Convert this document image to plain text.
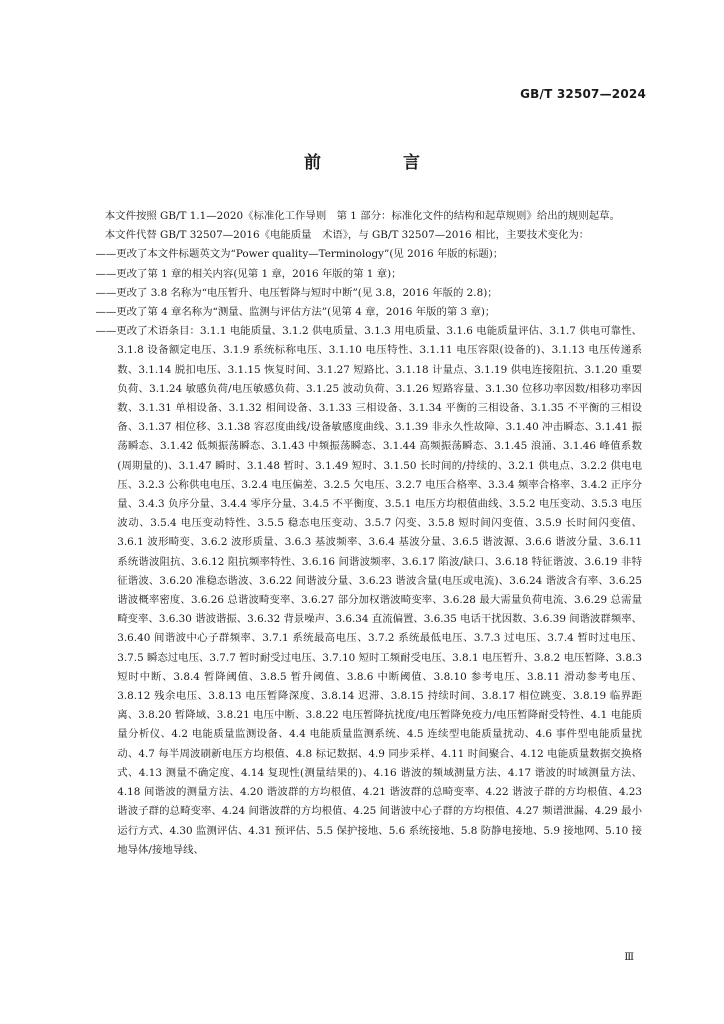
GB/T 32507—2024
前 言

本文件按照 GB/T 1.1—2020《标准化工作导则　第 1 部分：标准化文件的结构和起草规则》给出的规则起草。

本文件代替 GB/T 32507—2016《电能质量　术语》，与 GB/T 32507—2016 相比，主要技术变化为：

——更改了本文件标题英文为“Power quality—Terminology”(见 2016 年版的标题)；

——更改了第 1 章的相关内容(见第 1 章，2016 年版的第 1 章)；

——更改了 3.8 名称为“电压暂升、电压暂降与短时中断”(见 3.8，2016 年版的 2.8)；

——更改了第 4 章名称为“测量、监测与评估方法”(见第 4 章，2016 年版的第 3 章)；

——更改了术语条目：3.1.1 电能质量、3.1.2 供电质量、3.1.3 用电质量、3.1.6 电能质量评估、3.1.7 供电可靠性、3.1.8 设备额定电压、3.1.9 系统标称电压、3.1.10 电压特性、3.1.11 电压容限(设备的)、3.1.13 电压传递系数、3.1.14 脱扣电压、3.1.15 恢复时间、3.1.27 短路比、3.1.18 计量点、3.1.19 供电连接阻抗、3.1.20 重要负荷、3.1.24 敏感负荷/电压敏感负荷、3.1.25 波动负荷、3.1.26 短路容量、3.1.30 位移功率因数/相移功率因数、3.1.31 单相设备、3.1.32 相间设备、3.1.33 三相设备、3.1.34 平衡的三相设备、3.1.35 不平衡的三相设备、3.1.37 相位移、3.1.38 容忍度曲线/设备敏感度曲线、3.1.39 非永久性故障、3.1.40 冲击瞬态、3.1.41 振荡瞬态、3.1.42 低频振荡瞬态、3.1.43 中频振荡瞬态、3.1.44 高频振荡瞬态、3.1.45 浪涌、3.1.46 峰值系数(周期量的)、3.1.47 瞬时、3.1.48 暂时、3.1.49 短时、3.1.50 长时间的/持续的、3.2.1 供电点、3.2.2 供电电压、3.2.3 公称供电电压、3.2.4 电压偏差、3.2.5 欠电压、3.2.7 电压合格率、3.3.4 频率合格率、3.4.2 正序分量、3.4.3 负序分量、3.4.4 零序分量、3.4.5 不平衡度、3.5.1 电压方均根值曲线、3.5.2 电压变动、3.5.3 电压波动、3.5.4 电压变动特性、3.5.5 稳态电压变动、3.5.7 闪变、3.5.8 短时间闪变值、3.5.9 长时间闪变值、3.6.1 波形畸变、3.6.2 波形质量、3.6.3 基波频率、3.6.4 基波分量、3.6.5 谐波源、3.6.6 谐波分量、3.6.11 系统谐波阻抗、3.6.12 阻抗频率特性、3.6.16 间谐波频率、3.6.17 陷波/缺口、3.6.18 特征谐波、3.6.19 非特征谐波、3.6.20 准稳态谐波、3.6.22 间谐波分量、3.6.23 谐波含量(电压或电流)、3.6.24 谐波含有率、3.6.25 谐波概率密度、3.6.26 总谐波畸变率、3.6.27 部分加权谐波畸变率、3.6.28 最大需量负荷电流、3.6.29 总需量畸变率、3.6.30 谐波谐振、3.6.32 背景噪声、3.6.34 直流偏置、3.6.35 电话干扰因数、3.6.39 间谐波群频率、3.6.40 间谐波中心子群频率、3.7.1 系统最高电压、3.7.2 系统最低电压、3.7.3 过电压、3.7.4 暂时过电压、3.7.5 瞬态过电压、3.7.7 暂时耐受过电压、3.7.10 短时工频耐受电压、3.8.1 电压暂升、3.8.2 电压暂降、3.8.3 短时中断、3.8.4 暂降阈值、3.8.5 暂升阈值、3.8.6 中断阈值、3.8.10 参考电压、3.8.11 滑动参考电压、3.8.12 残余电压、3.8.13 电压暂降深度、3.8.14 迟滞、3.8.15 持续时间、3.8.17 相位跳变、3.8.19 临界距离、3.8.20 暂降域、3.8.21 电压中断、3.8.22 电压暂降抗扰度/电压暂降免疫力/电压暂降耐受特性、4.1 电能质量分析仪、4.2 电能质量监测设备、4.4 电能质量监测系统、4.5 连续型电能质量扰动、4.6 事件型电能质量扰动、4.7 每半周波刷新电压方均根值、4.8 标记数据、4.9 同步采样、4.11 时间聚合、4.12 电能质量数据交换格式、4.13 测量不确定度、4.14 复现性(测量结果的)、4.16 谐波的频域测量方法、4.17 谐波的时域测量方法、4.18 间谐波的测量方法、4.20 谐波群的方均根值、4.21 谐波群的总畸变率、4.22 谐波子群的方均根值、4.23 谐波子群的总畸变率、4.24 间谐波群的方均根值、4.25 间谐波中心子群的方均根值、4.27 频谱泄漏、4.29 最小运行方式、4.30 监测评估、4.31 预评估、5.5 保护接地、5.6 系统接地、5.8 防静电接地、5.9 接地网、5.10 接地导体/接地导线、

Ⅲ
